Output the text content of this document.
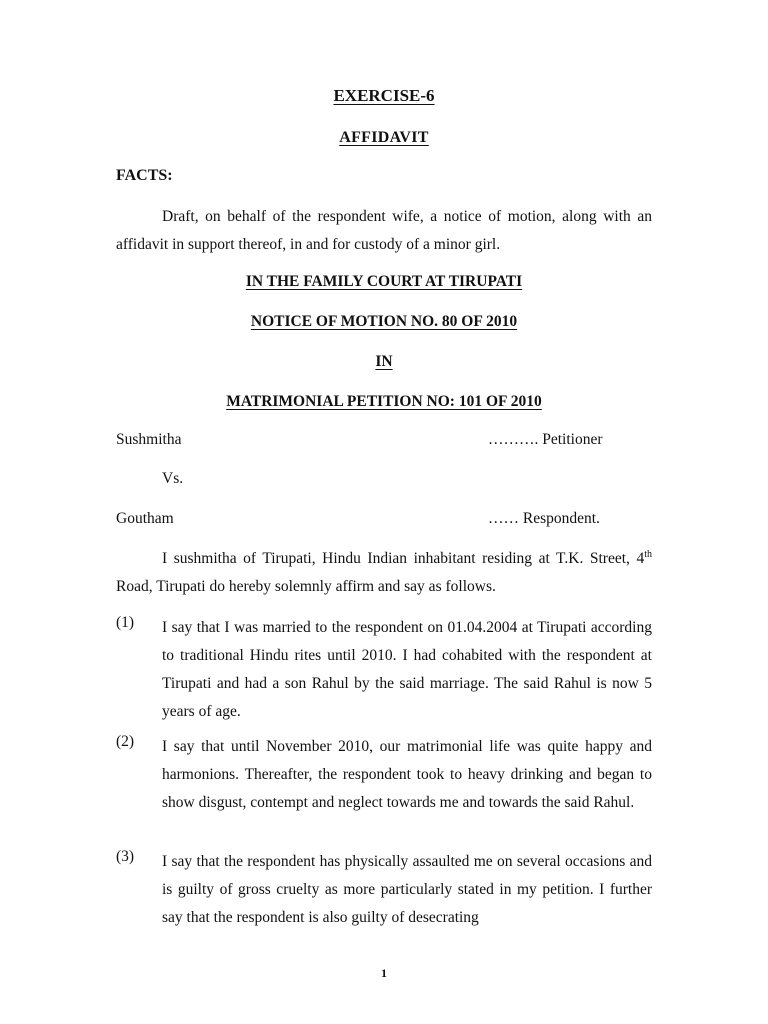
EXERCISE-6

AFFIDAVIT

FACTS:

Draft, on behalf of the respondent wife, a notice of motion, along with an affidavit in support thereof, in and for custody of a minor girl.

IN THE FAMILY COURT AT TIRUPATI

NOTICE OF MOTION NO. 80 OF 2010

IN

MATRIMONIAL PETITION NO: 101 OF 2010

Sushmitha	………. Petitioner
Vs.
Goutham	…… Respondent.

I sushmitha of Tirupati, Hindu Indian inhabitant residing at T.K. Street, 4th Road, Tirupati do hereby solemnly affirm and say as follows.

(1) I say that I was married to the respondent on 01.04.2004 at Tirupati according to traditional Hindu rites until 2010. I had cohabited with the respondent at Tirupati and had a son Rahul by the said marriage. The said Rahul is now 5 years of age.

(2) I say that until November 2010, our matrimonial life was quite happy and harmonions. Thereafter, the respondent took to heavy drinking and began to show disgust, contempt and neglect towards me and towards the said Rahul.

(3) I say that the respondent has physically assaulted me on several occasions and is guilty of gross cruelty as more particularly stated in my petition. I further say that the respondent is also guilty of desecrating

1
